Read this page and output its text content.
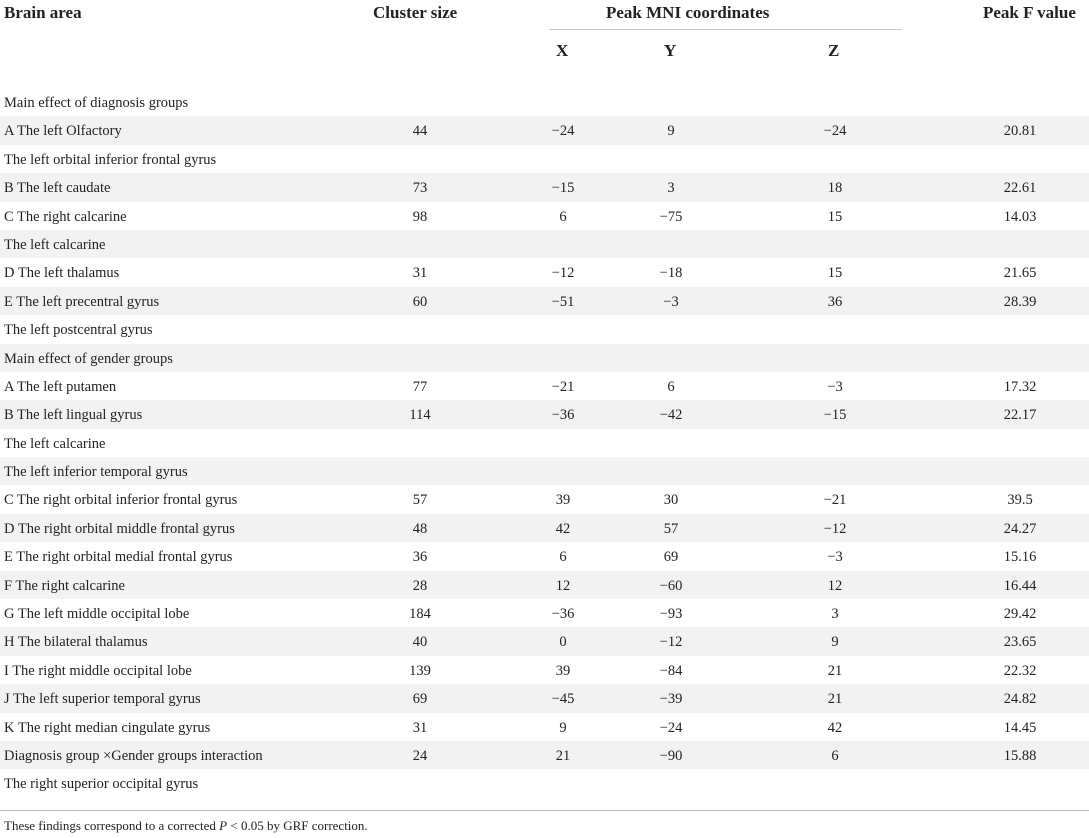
Brain area	Cluster size	Peak MNI coordinates	Peak F value
X	Y	Z
Main effect of diagnosis groups
A The left Olfactory	44	−24	9	−24	20.81
The left orbital inferior frontal gyrus
B The left caudate	73	−15	3	18	22.61
C The right calcarine	98	6	−75	15	14.03
The left calcarine
D The left thalamus	31	−12	−18	15	21.65
E The left precentral gyrus	60	−51	−3	36	28.39
The left postcentral gyrus
Main effect of gender groups
A The left putamen	77	−21	6	−3	17.32
B The left lingual gyrus	114	−36	−42	−15	22.17
The left calcarine
The left inferior temporal gyrus
C The right orbital inferior frontal gyrus	57	39	30	−21	39.5
D The right orbital middle frontal gyrus	48	42	57	−12	24.27
E The right orbital medial frontal gyrus	36	6	69	−3	15.16
F The right calcarine	28	12	−60	12	16.44
G The left middle occipital lobe	184	−36	−93	3	29.42
H The bilateral thalamus	40	0	−12	9	23.65
I The right middle occipital lobe	139	39	−84	21	22.32
J The left superior temporal gyrus	69	−45	−39	21	24.82
K The right median cingulate gyrus	31	9	−24	42	14.45
Diagnosis group ×Gender groups interaction	24	21	−90	6	15.88
The right superior occipital gyrus
These findings correspond to a corrected P < 0.05 by GRF correction.
